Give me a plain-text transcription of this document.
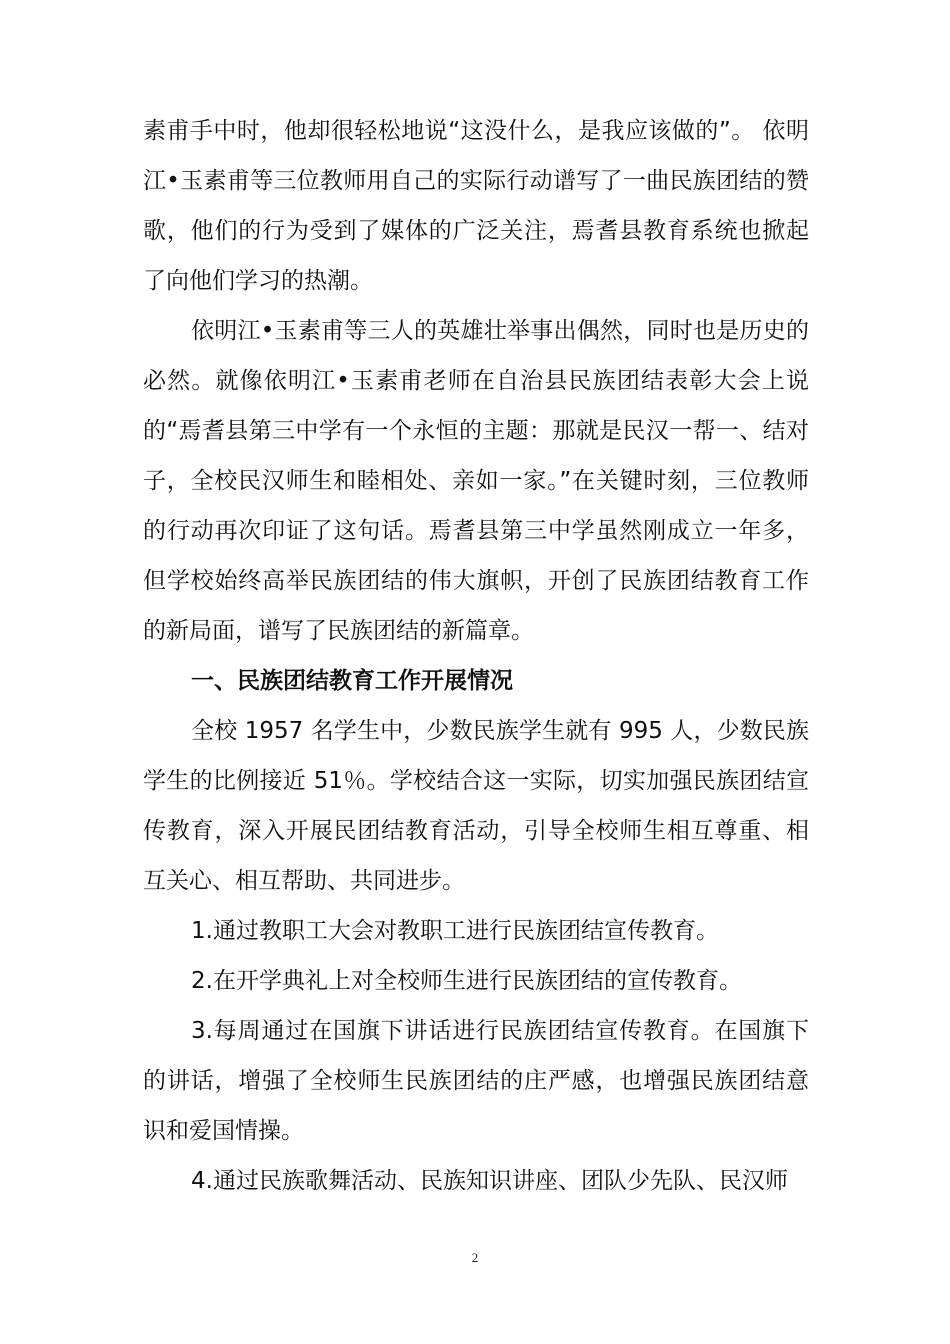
素甫手中时，他却很轻松地说“这没什么，是我应该做的”。 依明江•玉素甫等三位教师用自己的实际行动谱写了一曲民族团结的赞歌，他们的行为受到了媒体的广泛关注，焉耆县教育系统也掀起了向他们学习的热潮。

依明江•玉素甫等三人的英雄壮举事出偶然，同时也是历史的必然。就像依明江•玉素甫老师在自治县民族团结表彰大会上说的“焉耆县第三中学有一个永恒的主题：那就是民汉一帮一、结对子，全校民汉师生和睦相处、亲如一家。”在关键时刻，三位教师的行动再次印证了这句话。焉耆县第三中学虽然刚成立一年多，但学校始终高举民族团结的伟大旗帜，开创了民族团结教育工作的新局面，谱写了民族团结的新篇章。

一、民族团结教育工作开展情况

全校 1957 名学生中，少数民族学生就有 995 人，少数民族学生的比例接近 51％。学校结合这一实际，切实加强民族团结宣传教育，深入开展民团结教育活动，引导全校师生相互尊重、相互关心、相互帮助、共同进步。

1.通过教职工大会对教职工进行民族团结宣传教育。

2.在开学典礼上对全校师生进行民族团结的宣传教育。

3.每周通过在国旗下讲话进行民族团结宣传教育。在国旗下的讲话，增强了全校师生民族团结的庄严感，也增强民族团结意识和爱国情操。

4.通过民族歌舞活动、民族知识讲座、团队少先队、民汉师

2
